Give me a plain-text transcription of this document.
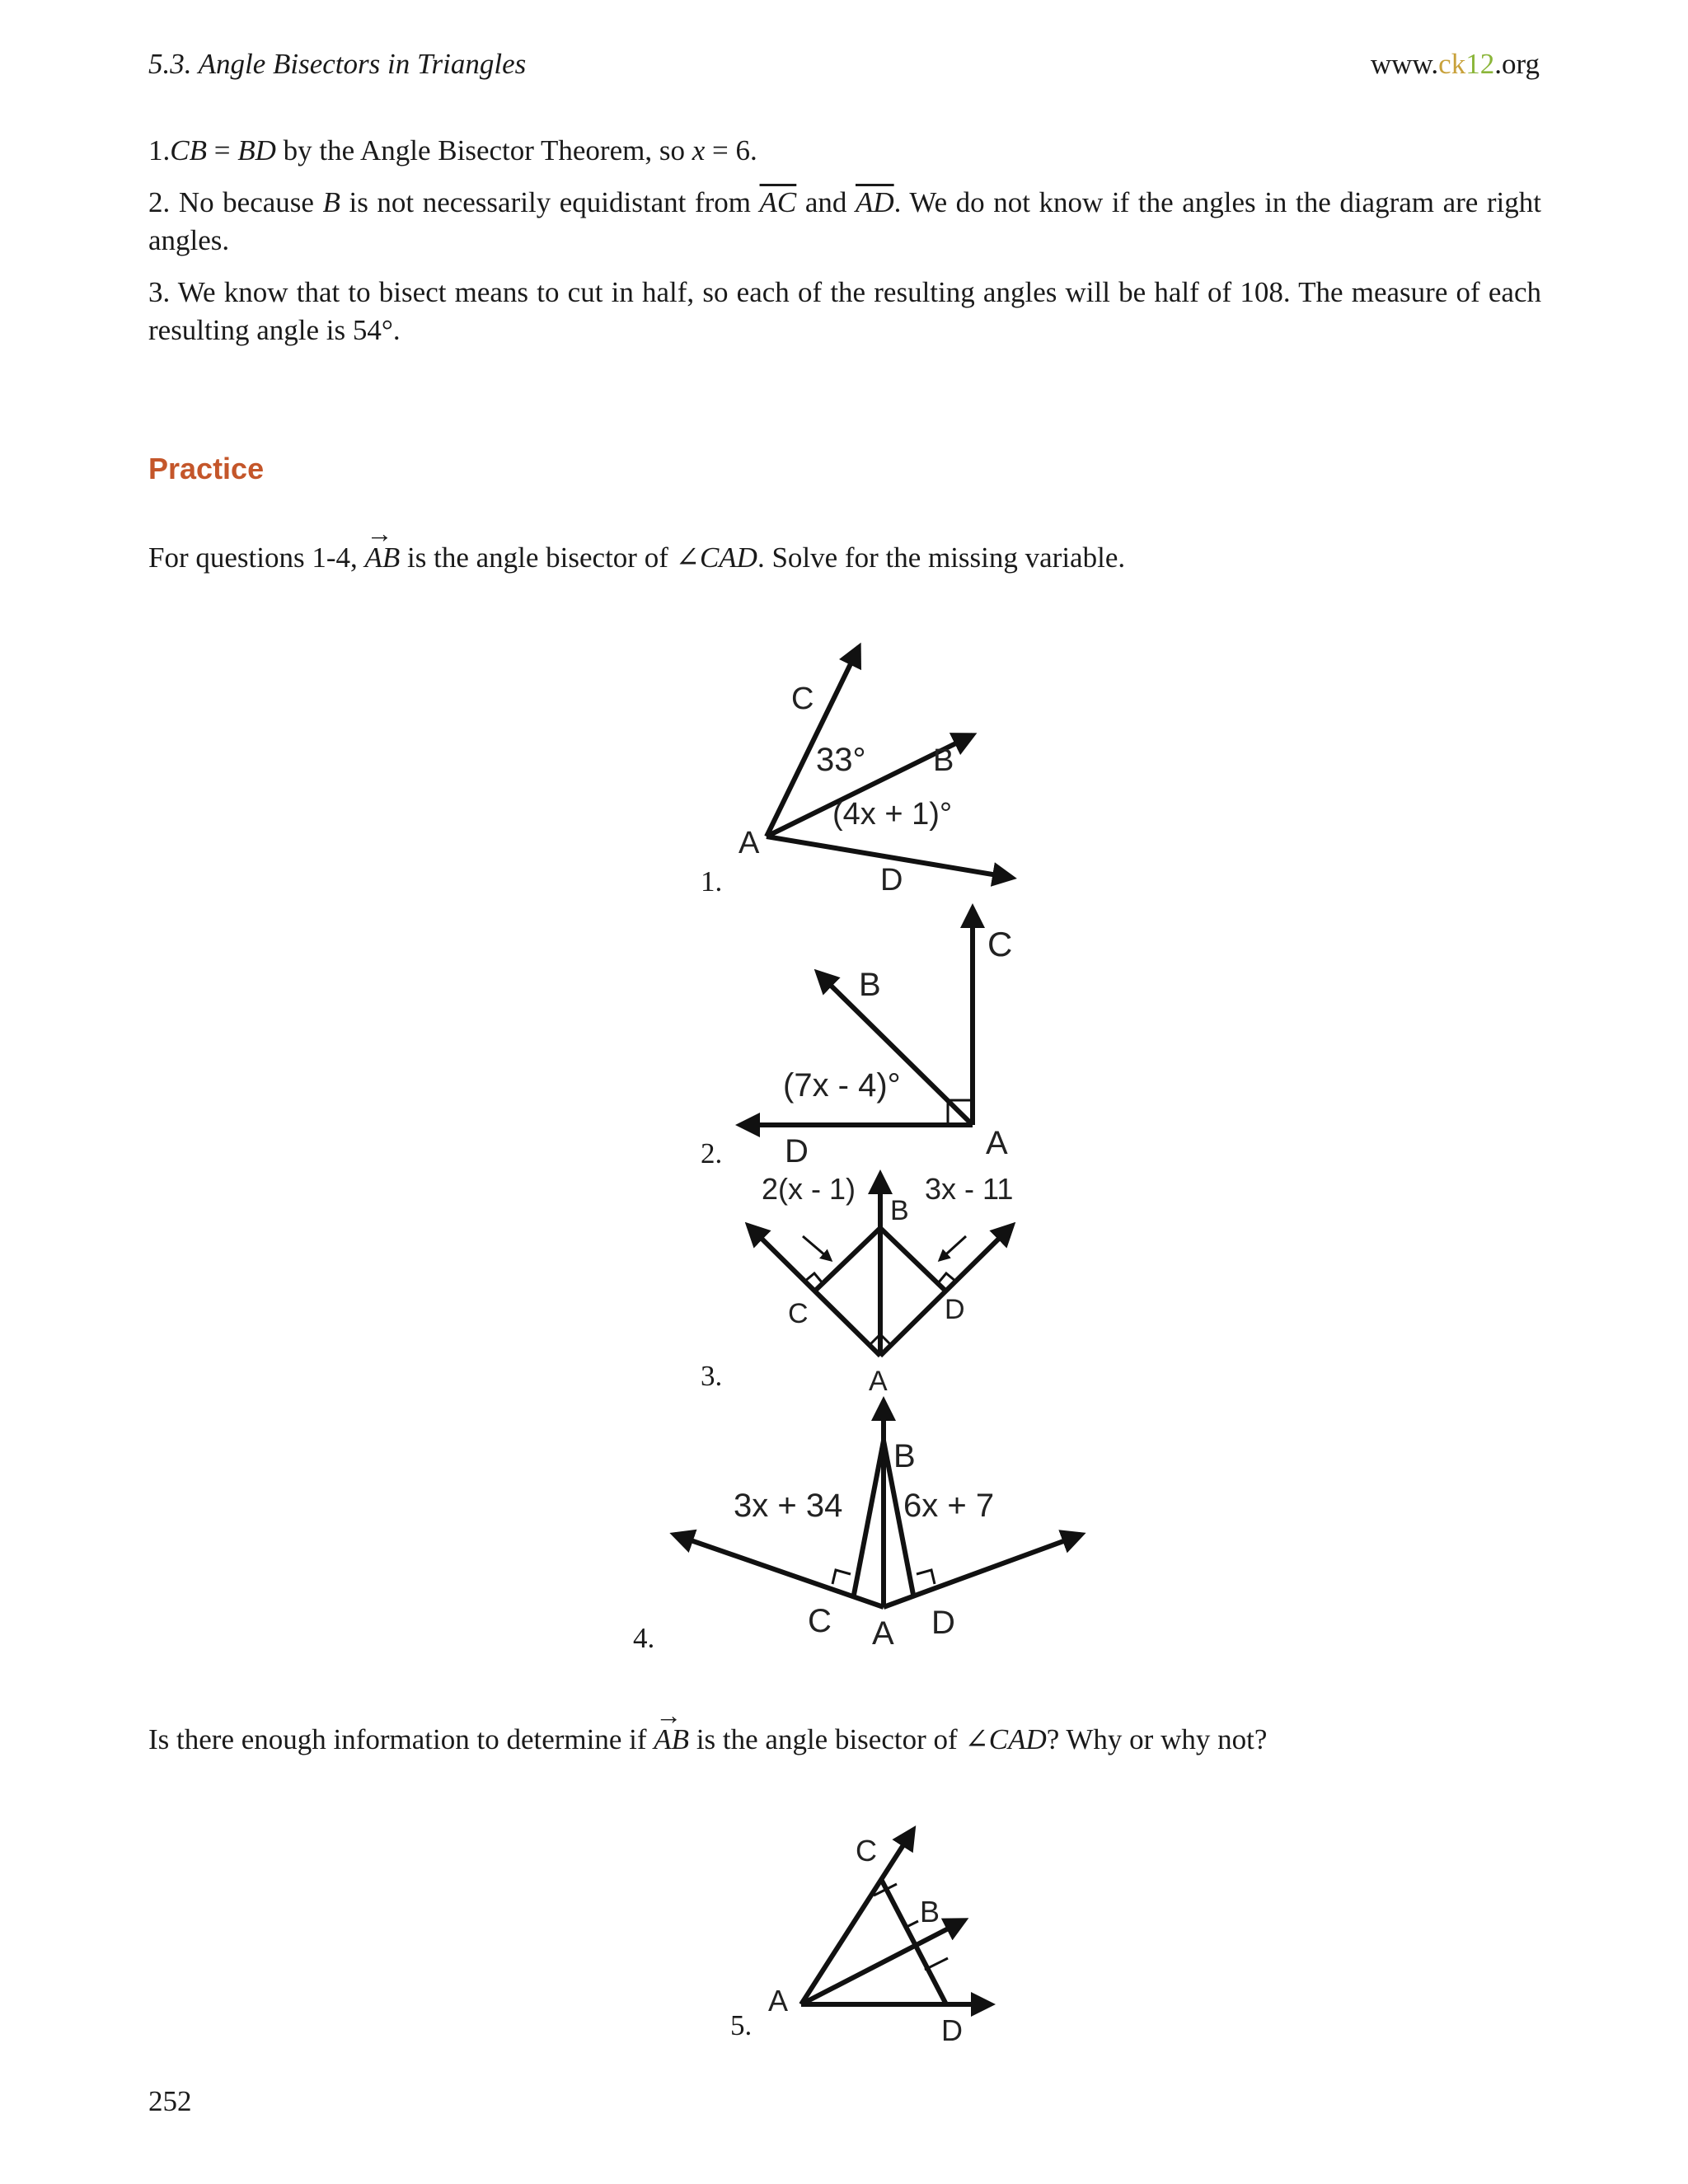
5.3. Angle Bisectors in Triangles	www.ck12.org
1.CB = BD by the Angle Bisector Theorem, so x = 6.
2. No because B is not necessarily equidistant from $\overline{AC}$ and $\overline{AD}$. We do not know if the angles in the diagram are right angles.
3. We know that to bisect means to cut in half, so each of the resulting angles will be half of 108. The measure of each resulting angle is 54°.
Practice
For questions 1-4, → AB is the angle bisector of ∠CAD. Solve for the missing variable.
C
33° B
(4x + 1)°
A
D
1.
C
B
(7x - 4)°
A
D
2.
2(x - 1)
B
3x - 11
C	D
A
3.
B
3x + 34 6x + 7
C A D
4.
Is there enough information to determine if → AB is the angle bisector of ∠CAD? Why or why not?
C
B
A
D
5.
252
